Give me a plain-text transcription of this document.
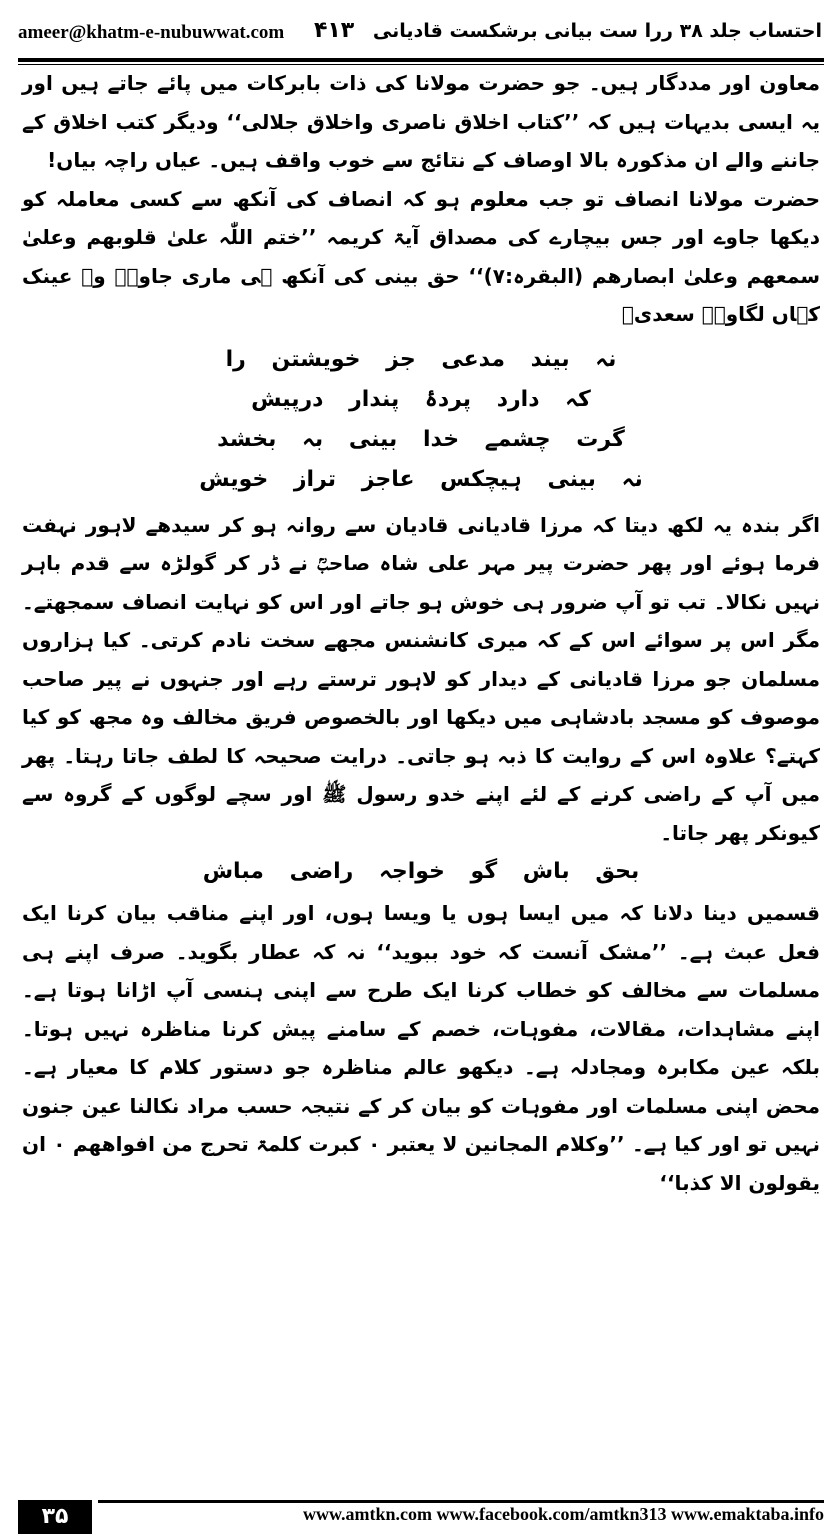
ameer@khatm-e-nubuwwat.com	احتساب جلد ۳۸ ررا ست بیانی برشکست قادیانی ۴۱۳

معاون اور مددگار ہیں۔ جو حضرت مولانا کی ذات بابرکات میں پائے جاتے ہیں اور یہ ایسی بدیہات ہیں کہ ’’کتاب اخلاق ناصری واخلاق جلالی‘‘ ودیگر کتب اخلاق کے جاننے والے ان مذکورہ بالا اوصاف کے نتائج سے خوب واقف ہیں۔ عیاں راچہ بیاں!

حضرت مولانا انصاف تو جب معلوم ہو کہ انصاف کی آنکھ سے کسی معاملہ کو دیکھا جاوے اور جس بیچارے کی مصداق آیۃ کریمہ ’’ختم اللّٰہ علیٰ قلوبھم وعلیٰ سمعھم وعلیٰ ابصارھم (البقرہ:۷)‘‘ حق بینی کی آنکھ ہی ماری جاوے۔ وہ عینک کہاں لگاوے۔ سعدیؒ

نہ بیند مدعی جز خویشتن را
کہ دارد پردۂ پندار درپیش
گرت چشمے خدا بینی بہ بخشد
نہ بینی ہیچکس عاجز تراز خویش

اگر بندہ یہ لکھ دیتا کہ مرزا قادیانی قادیان سے روانہ ہو کر سیدھے لاہور نہفت فرما ہوئے اور پھر حضرت پیر مہر علی شاہ صاحبؒ نے ڈر کر گولڑہ سے قدم باہر نہیں نکالا۔ تب تو آپ ضرور ہی خوش ہو جاتے اور اس کو نہایت انصاف سمجھتے۔ مگر اس پر سوائے اس کے کہ میری کانشنس مجھے سخت نادم کرتی۔ کیا ہزاروں مسلمان جو مرزا قادیانی کے دیدار کو لاہور ترستے رہے اور جنہوں نے پیر صاحب موصوف کو مسجد بادشاہی میں دیکھا اور بالخصوص فریق مخالف وہ مجھ کو کیا کہتے؟ علاوہ اس کے روایت کا ذبہ ہو جاتی۔ درایت صحیحہ کا لطف جاتا رہتا۔ پھر میں آپ کے راضی کرنے کے لئے اپنے خدو رسول ﷺ اور سچے لوگوں کے گروہ سے کیونکر پھر جاتا۔

بحق باش گو خواجہ راضی مباش

قسمیں دینا دلانا کہ میں ایسا ہوں یا ویسا ہوں، اور اپنے مناقب بیان کرنا ایک فعل عبث ہے۔ ’’مشک آنست کہ خود ببوید‘‘ نہ کہ عطار بگوید۔ صرف اپنے ہی مسلمات سے مخالف کو خطاب کرنا ایک طرح سے اپنی ہنسی آپ اڑانا ہوتا ہے۔ اپنے مشاہدات، مقالات، مفوہات، خصم کے سامنے پیش کرنا مناظرہ نہیں ہوتا۔ بلکہ عین مکابرہ ومجادلہ ہے۔ دیکھو عالم مناظرہ جو دستور کلام کا معیار ہے۔ محض اپنی مسلمات اور مفوہات کو بیان کر کے نتیجہ حسب مراد نکالنا عین جنون نہیں تو اور کیا ہے۔ ’’وکلام المجانین لا یعتبر ۰ کبرت کلمۃ تحرج من افواھھم ۰ ان یقولون الا کذبا‘‘

۳۵	www.amtkn.com www.facebook.com/amtkn313 www.emaktaba.info
